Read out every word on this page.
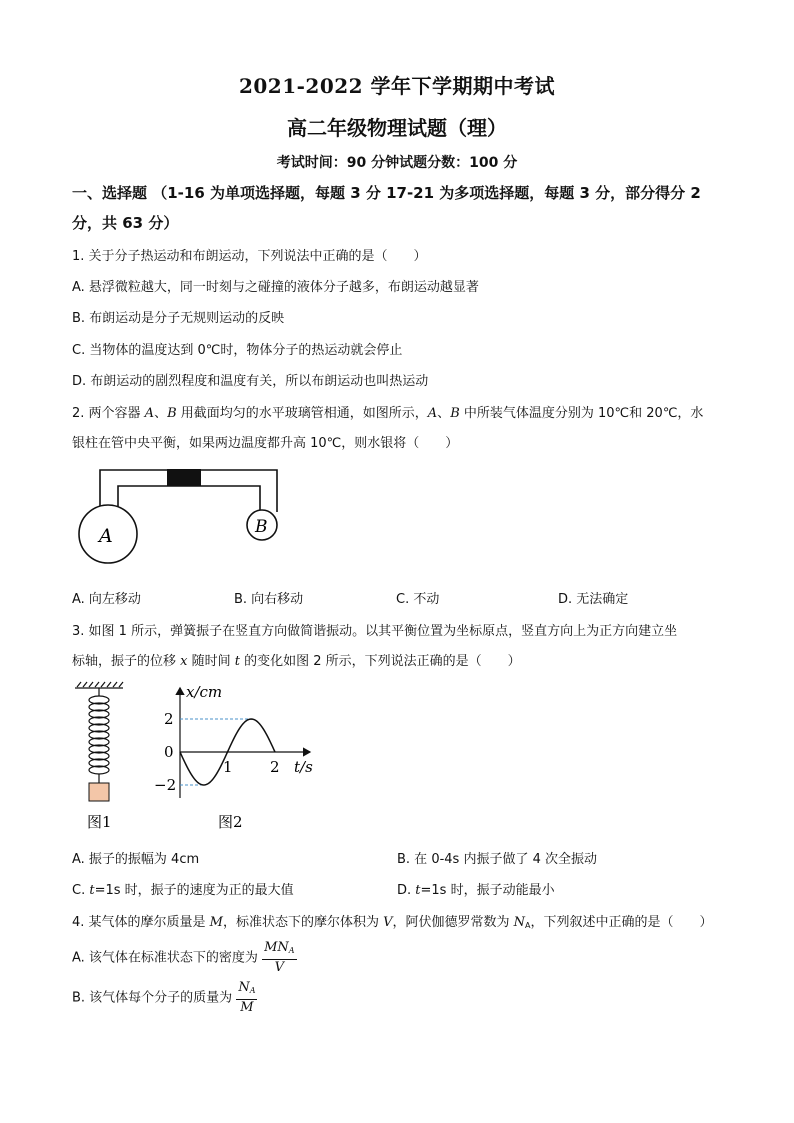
2021-2022 学年下学期期中考试
高二年级物理试题（理）
考试时间：90 分钟试题分数：100 分
一、选择题 （1-16 为单项选择题，每题 3 分 17-21 为多项选择题，每题 3 分，部分得分 2 分，共 63 分）
1. 关于分子热运动和布朗运动，下列说法中正确的是（　　）
A. 悬浮微粒越大，同一时刻与之碰撞的液体分子越多，布朗运动越显著
B. 布朗运动是分子无规则运动的反映
C. 当物体的温度达到 0℃时，物体分子的热运动就会停止
D. 布朗运动的剧烈程度和温度有关，所以布朗运动也叫热运动
2. 两个容器 A、B 用截面均匀的水平玻璃管相通，如图所示，A、B 中所装气体温度分别为 10℃和 20℃，水
银柱在管中央平衡，如果两边温度都升高 10℃，则水银将（　　）
A	B
A. 向左移动	B. 向右移动	C. 不动	D. 无法确定
3. 如图 1 所示，弹簧振子在竖直方向做简谐振动。以其平衡位置为坐标原点，竖直方向上为正方向建立坐
标轴，振子的位移 x 随时间 t 的变化如图 2 所示，下列说法正确的是（　　）
图1
x/cm
t/s
2
0
−2
1 2
图2
A. 振子的振幅为 4cm	B. 在 0-4s 内振子做了 4 次全振动
C. t=1s 时，振子的速度为正的最大值	D. t=1s 时，振子动能最小
4. 某气体的摩尔质量是 M，标准状态下的摩尔体积为 V，阿伏伽德罗常数为 $N_A$，下列叙述中正确的是（　　）
A. 该气体在标准状态下的密度为 $\frac{MN_A}{V}$
B. 该气体每个分子的质量为 $\frac{N_A}{M}$
